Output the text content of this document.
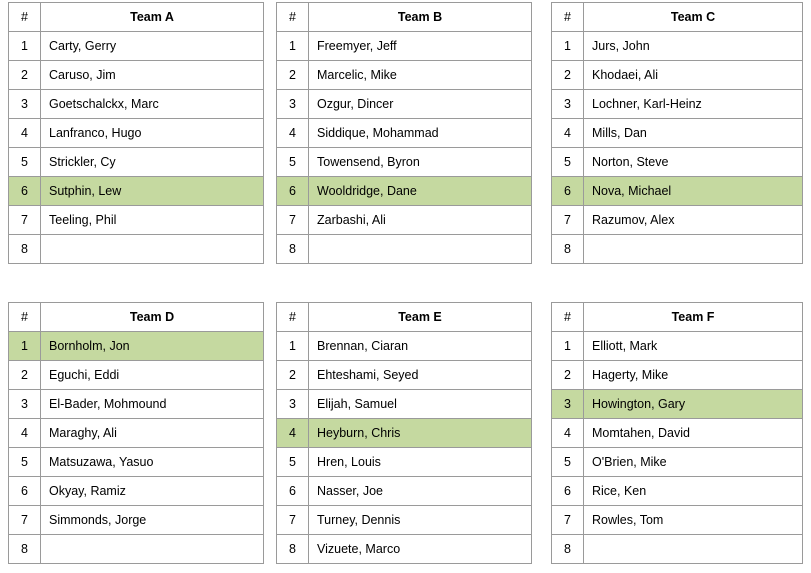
#	Team A
1	Carty, Gerry
2	Caruso, Jim
3	Goetschalckx, Marc
4	Lanfranco, Hugo
5	Strickler, Cy
6	Sutphin, Lew
7	Teeling, Phil
8	
#	Team B
1	Freemyer, Jeff
2	Marcelic, Mike
3	Ozgur, Dincer
4	Siddique, Mohammad
5	Towensend, Byron
6	Wooldridge, Dane
7	Zarbashi, Ali
8	
#	Team C
1	Jurs, John
2	Khodaei, Ali
3	Lochner, Karl-Heinz
4	Mills, Dan
5	Norton, Steve
6	Nova, Michael
7	Razumov, Alex
8	
#	Team D
1	Bornholm, Jon
2	Eguchi, Eddi
3	El-Bader, Mohmound
4	Maraghy, Ali
5	Matsuzawa, Yasuo
6	Okyay, Ramiz
7	Simmonds, Jorge
8	
#	Team E
1	Brennan, Ciaran
2	Ehteshami, Seyed
3	Elijah, Samuel
4	Heyburn, Chris
5	Hren, Louis
6	Nasser, Joe
7	Turney, Dennis
8	Vizuete, Marco
#	Team F
1	Elliott, Mark
2	Hagerty, Mike
3	Howington, Gary
4	Momtahen, David
5	O'Brien, Mike
6	Rice, Ken
7	Rowles, Tom
8	
